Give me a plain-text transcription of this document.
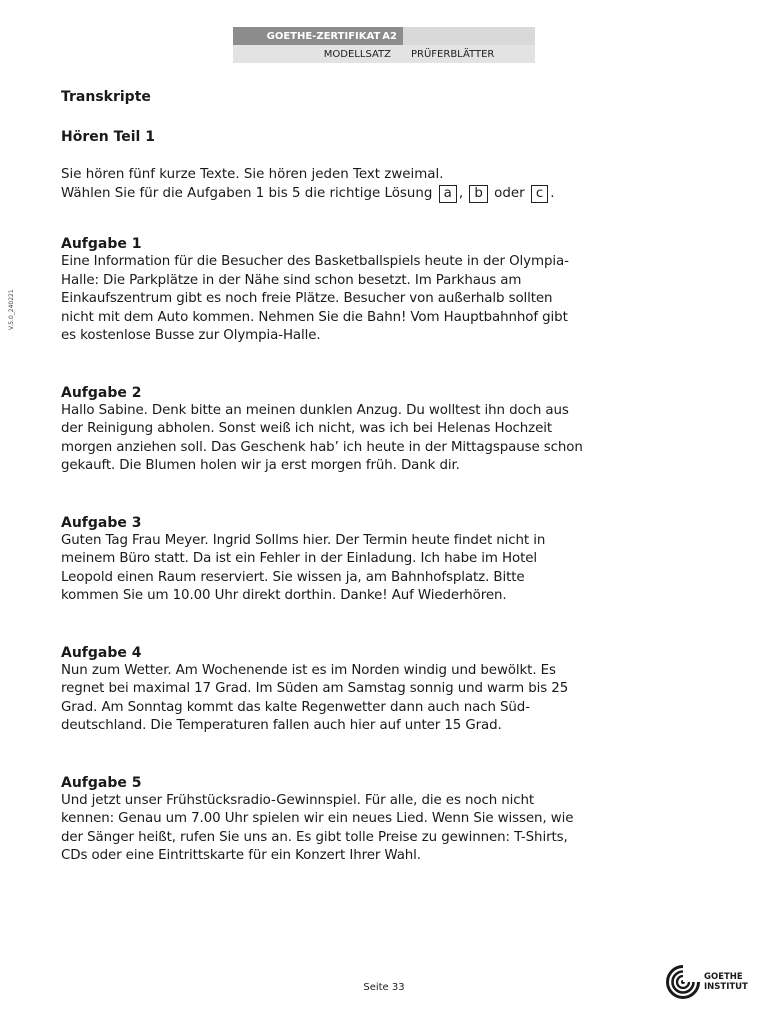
GOETHE-ZERTIFIKAT A2
MODELLSATZ PRÜFERBLÄTTER
V.5.0_240221
Transkripte
Hören Teil 1
Sie hören fünf kurze Texte. Sie hören jeden Text zweimal.
Wählen Sie für die Aufgaben 1 bis 5 die richtige Lösung a , b oder c .
Aufgabe 1
Eine Information für die Besucher des Basketballspiels heute in der Olympia-
Halle: Die Parkplätze in der Nähe sind schon besetzt. Im Parkhaus am
Einkaufszentrum gibt es noch freie Plätze. Besucher von außerhalb sollten
nicht mit dem Auto kommen. Nehmen Sie die Bahn! Vom Hauptbahnhof gibt
es kostenlose Busse zur Olympia-Halle.
Aufgabe 2
Hallo Sabine. Denk bitte an meinen dunklen Anzug. Du wolltest ihn doch aus
der Reinigung abholen. Sonst weiß ich nicht, was ich bei Helenas Hochzeit
morgen anziehen soll. Das Geschenk hab’ ich heute in der Mittagspause schon
gekauft. Die Blumen holen wir ja erst morgen früh. Dank dir.
Aufgabe 3
Guten Tag Frau Meyer. Ingrid Sollms hier. Der Termin heute findet nicht in
meinem Büro statt. Da ist ein Fehler in der Einladung. Ich habe im Hotel
Leopold einen Raum reserviert. Sie wissen ja, am Bahnhofsplatz. Bitte
kommen Sie um 10.00 Uhr direkt dorthin. Danke! Auf Wiederhören.
Aufgabe 4
Nun zum Wetter. Am Wochenende ist es im Norden windig und bewölkt. Es
regnet bei maximal 17 Grad. Im Süden am Samstag sonnig und warm bis 25
Grad. Am Sonntag kommt das kalte Regenwetter dann auch nach Süd-
deutschland. Die Temperaturen fallen auch hier auf unter 15 Grad.
Aufgabe 5
Und jetzt unser Frühstücksradio-Gewinnspiel. Für alle, die es noch nicht
kennen: Genau um 7.00 Uhr spielen wir ein neues Lied. Wenn Sie wissen, wie
der Sänger heißt, rufen Sie uns an. Es gibt tolle Preise zu gewinnen: T-Shirts,
CDs oder eine Eintrittskarte für ein Konzert Ihrer Wahl.
Seite 33
GOETHE
INSTITUT
